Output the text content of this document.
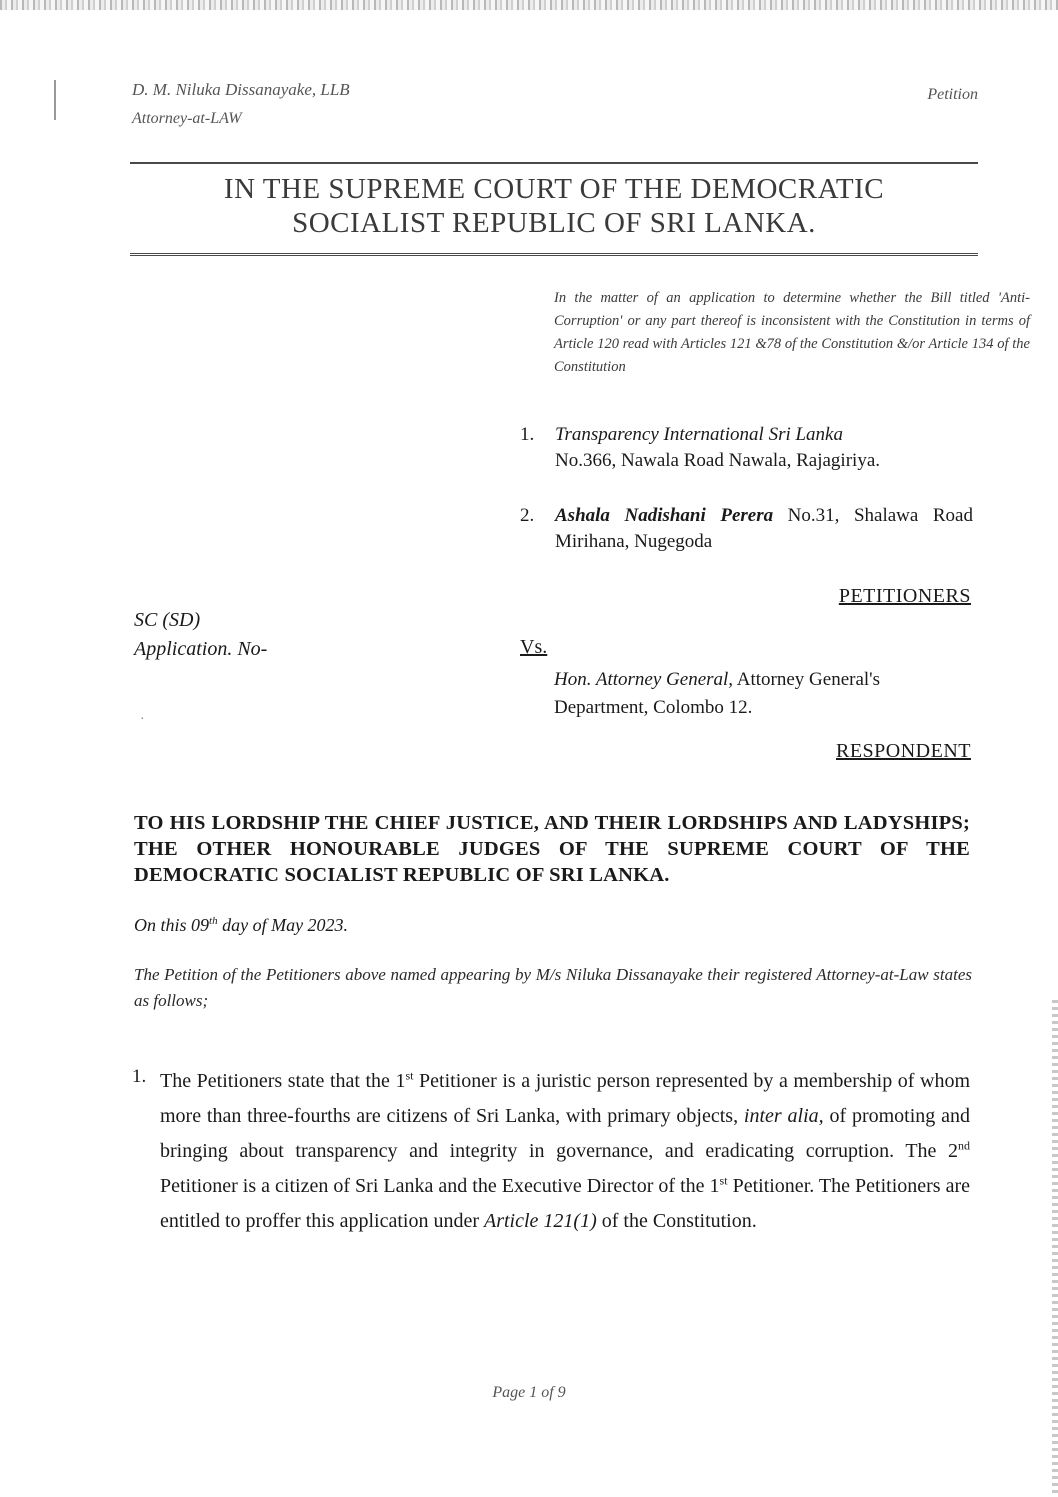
D. M. Niluka Dissanayake, LLB
Attorney-at-LAW
Petition
IN THE SUPREME COURT OF THE DEMOCRATIC
SOCIALIST REPUBLIC OF SRI LANKA.
In the matter of an application to determine whether the Bill titled 'Anti-Corruption' or any part thereof is inconsistent with the Constitution in terms of Article 120 read with Articles 121 &78 of the Constitution &/or Article 134 of the Constitution
1. Transparency International Sri Lanka
No.366, Nawala Road Nawala, Rajagiriya.
2. Ashala Nadishani Perera No.31, Shalawa Road Mirihana, Nugegoda
PETITIONERS
SC (SD)
Application. No-	Vs.
Hon. Attorney General, Attorney General's Department, Colombo 12.
·
RESPONDENT
TO HIS LORDSHIP THE CHIEF JUSTICE, AND THEIR LORDSHIPS AND LADYSHIPS; THE OTHER HONOURABLE JUDGES OF THE SUPREME COURT OF THE DEMOCRATIC SOCIALIST REPUBLIC OF SRI LANKA.
On this 09th day of May 2023.
The Petition of the Petitioners above named appearing by M/s Niluka Dissanayake their registered Attorney-at-Law states as follows;
1. The Petitioners state that the 1st Petitioner is a juristic person represented by a membership of whom more than three-fourths are citizens of Sri Lanka, with primary objects, inter alia, of promoting and bringing about transparency and integrity in governance, and eradicating corruption. The 2nd Petitioner is a citizen of Sri Lanka and the Executive Director of the 1st Petitioner. The Petitioners are entitled to proffer this application under Article 121(1) of the Constitution.
Page 1 of 9
